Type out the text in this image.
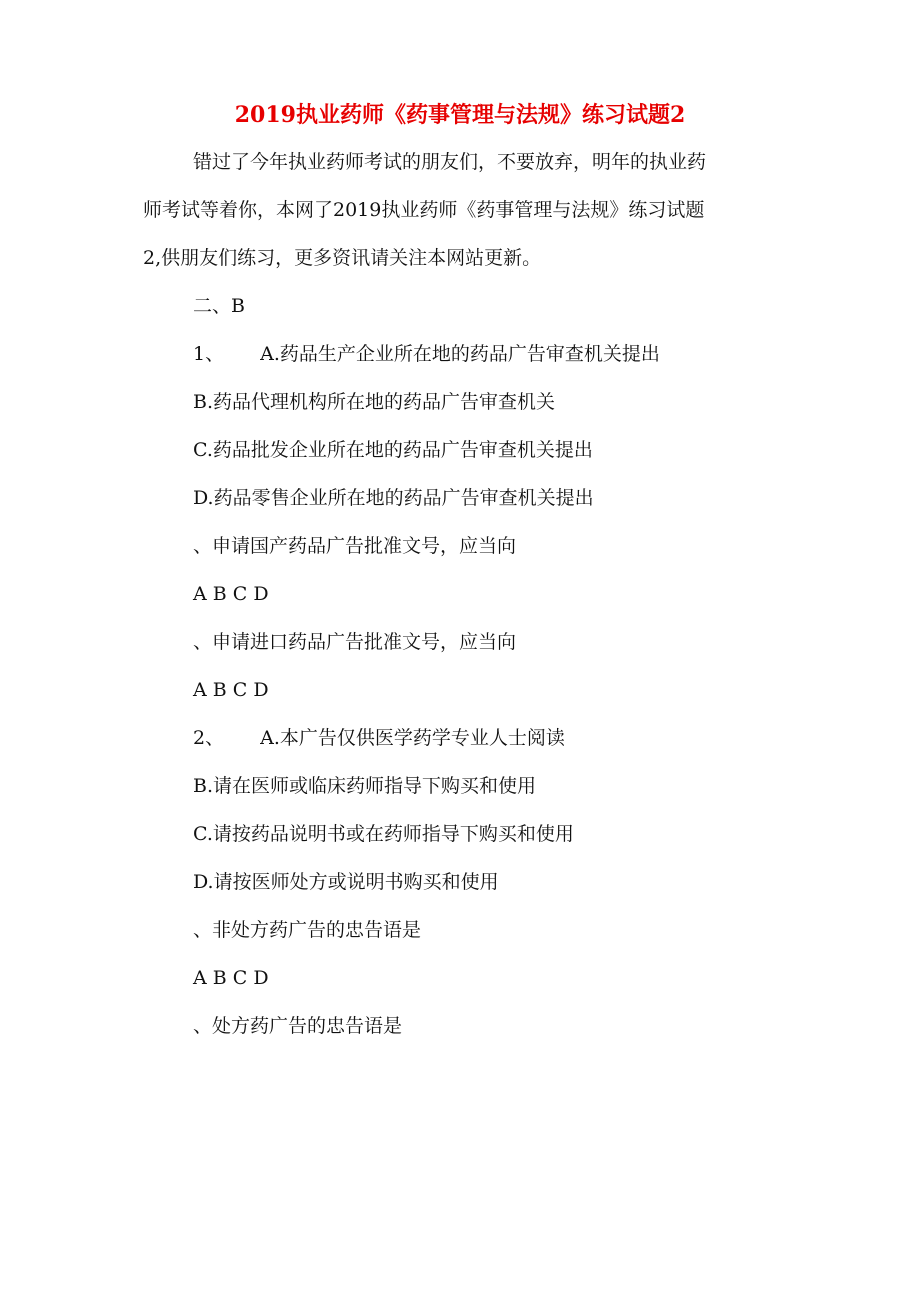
2019执业药师《药事管理与法规》练习试题2
错过了今年执业药师考试的朋友们，不要放弃，明年的执业药
师考试等着你，本网了2019执业药师《药事管理与法规》练习试题
2,供朋友们练习，更多资讯请关注本网站更新。
二、B
1、 A.药品生产企业所在地的药品广告审查机关提出
B.药品代理机构所在地的药品广告审查机关
C.药品批发企业所在地的药品广告审查机关提出
D.药品零售企业所在地的药品广告审查机关提出
、申请国产药品广告批准文号，应当向
A B C D
、申请进口药品广告批准文号，应当向
A B C D
2、 A.本广告仅供医学药学专业人士阅读
B.请在医师或临床药师指导下购买和使用
C.请按药品说明书或在药师指导下购买和使用
D.请按医师处方或说明书购买和使用
、非处方药广告的忠告语是
A B C D
、处方药广告的忠告语是
